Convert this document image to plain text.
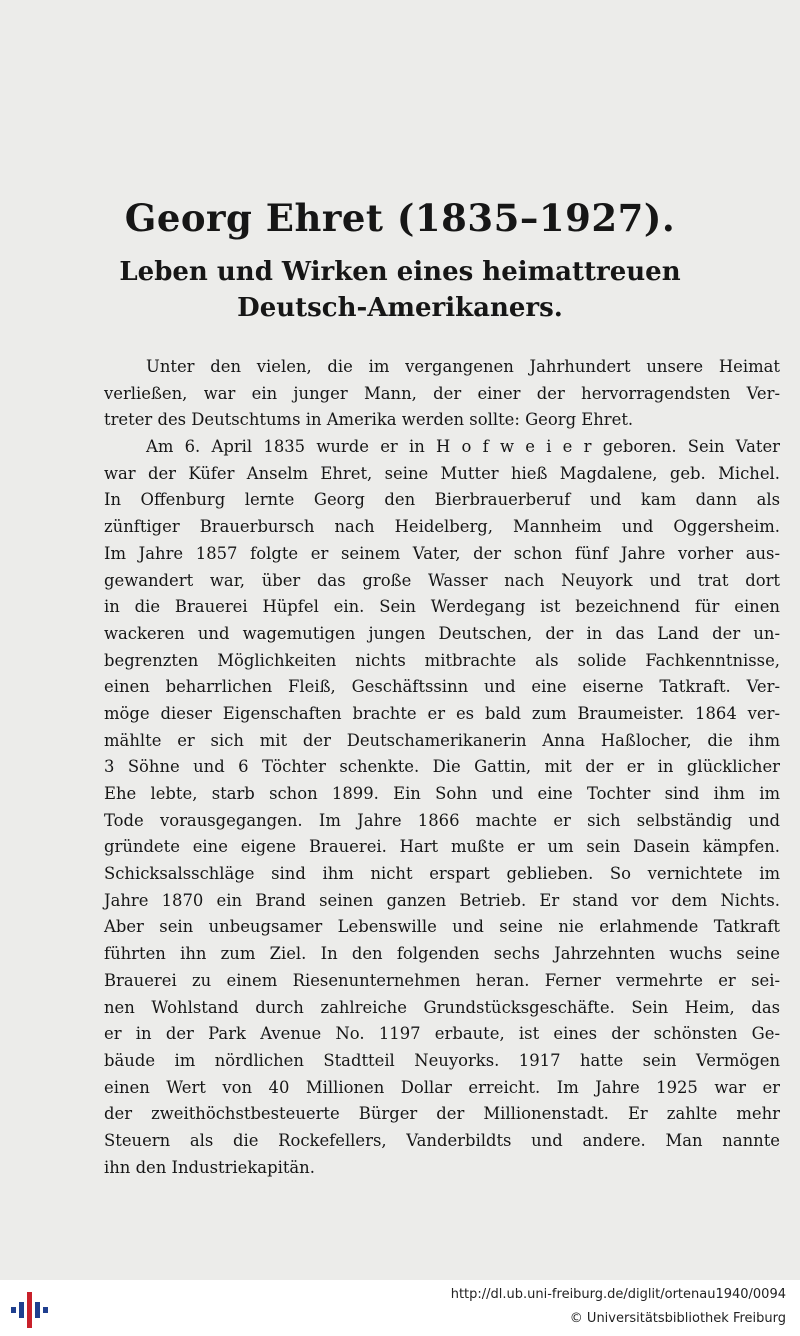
Georg Ehret (1835–1927).
Leben und Wirken eines heimattreuen
Deutsch-Amerikaners.
Unter den vielen, die im vergangenen Jahrhundert unsere Heimat
verließen, war ein junger Mann, der einer der hervorragendsten Ver-
treter des Deutschtums in Amerika werden sollte: Georg Ehret.
Am 6. April 1835 wurde er in H o f w e i e r geboren. Sein Vater
war der Küfer Anselm Ehret, seine Mutter hieß Magdalene, geb. Michel.
In Offenburg lernte Georg den Bierbrauerberuf und kam dann als
zünftiger Brauerbursch nach Heidelberg, Mannheim und Oggersheim.
Im Jahre 1857 folgte er seinem Vater, der schon fünf Jahre vorher aus-
gewandert war, über das große Wasser nach Neuyork und trat dort
in die Brauerei Hüpfel ein. Sein Werdegang ist bezeichnend für einen
wackeren und wagemutigen jungen Deutschen, der in das Land der un-
begrenzten Möglichkeiten nichts mitbrachte als solide Fachkenntnisse,
einen beharrlichen Fleiß, Geschäftssinn und eine eiserne Tatkraft. Ver-
möge dieser Eigenschaften brachte er es bald zum Braumeister. 1864 ver-
mählte er sich mit der Deutschamerikanerin Anna Haßlocher, die ihm
3 Söhne und 6 Töchter schenkte. Die Gattin, mit der er in glücklicher
Ehe lebte, starb schon 1899. Ein Sohn und eine Tochter sind ihm im
Tode vorausgegangen. Im Jahre 1866 machte er sich selbständig und
gründete eine eigene Brauerei. Hart mußte er um sein Dasein kämpfen.
Schicksalsschläge sind ihm nicht erspart geblieben. So vernichtete im
Jahre 1870 ein Brand seinen ganzen Betrieb. Er stand vor dem Nichts.
Aber sein unbeugsamer Lebenswille und seine nie erlahmende Tatkraft
führten ihn zum Ziel. In den folgenden sechs Jahrzehnten wuchs seine
Brauerei zu einem Riesenunternehmen heran. Ferner vermehrte er sei-
nen Wohlstand durch zahlreiche Grundstücksgeschäfte. Sein Heim, das
er in der Park Avenue No. 1197 erbaute, ist eines der schönsten Ge-
bäude im nördlichen Stadtteil Neuyorks. 1917 hatte sein Vermögen
einen Wert von 40 Millionen Dollar erreicht. Im Jahre 1925 war er
der zweithöchstbesteuerte Bürger der Millionenstadt. Er zahlte mehr
Steuern als die Rockefellers, Vanderbildts und andere. Man nannte
ihn den Industriekapitän.
http://dl.ub.uni-freiburg.de/diglit/ortenau1940/0094
© Universitätsbibliothek Freiburg
